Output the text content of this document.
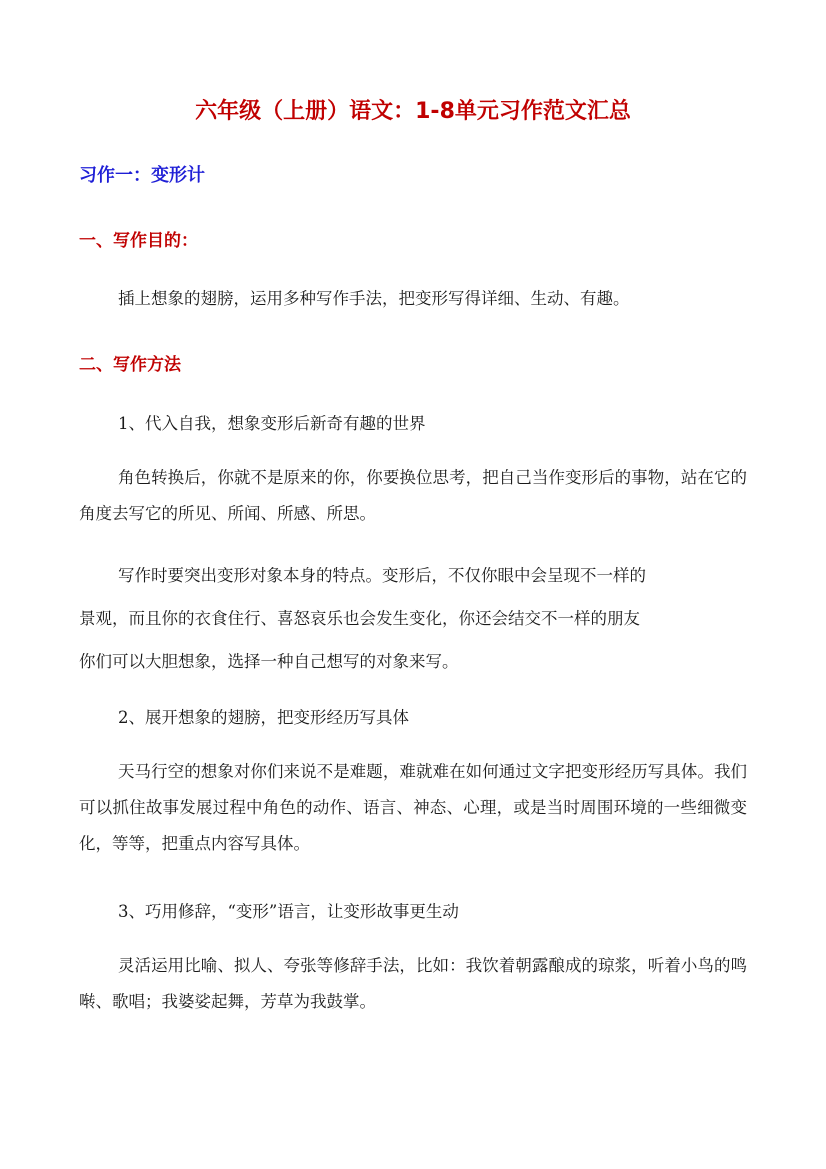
六年级（上册）语文：1-8单元习作范文汇总
习作一：变形计
一、写作目的：
插上想象的翅膀，运用多种写作手法，把变形写得详细、生动、有趣。
二、写作方法
1、代入自我，想象变形后新奇有趣的世界

角色转换后，你就不是原来的你，你要换位思考，把自己当作变形后的事物，站在它的角度去写它的所见、所闻、所感、所思。

写作时要突出变形对象本身的特点。变形后，不仅你眼中会呈现不一样的
景观，而且你的衣食住行、喜怒哀乐也会发生变化，你还会结交不一样的朋友
你们可以大胆想象，选择一种自己想写的对象来写。
2、展开想象的翅膀，把变形经历写具体

天马行空的想象对你们来说不是难题，难就难在如何通过文字把变形经历写具体。我们可以抓住故事发展过程中角色的动作、语言、神态、心理，或是当时周围环境的一些细微变化，等等，把重点内容写具体。

3、巧用修辞，“变形”语言，让变形故事更生动

灵活运用比喻、拟人、夸张等修辞手法，比如：我饮着朝露酿成的琼浆，听着小鸟的鸣啭、歌唱；我婆娑起舞，芳草为我鼓掌。
